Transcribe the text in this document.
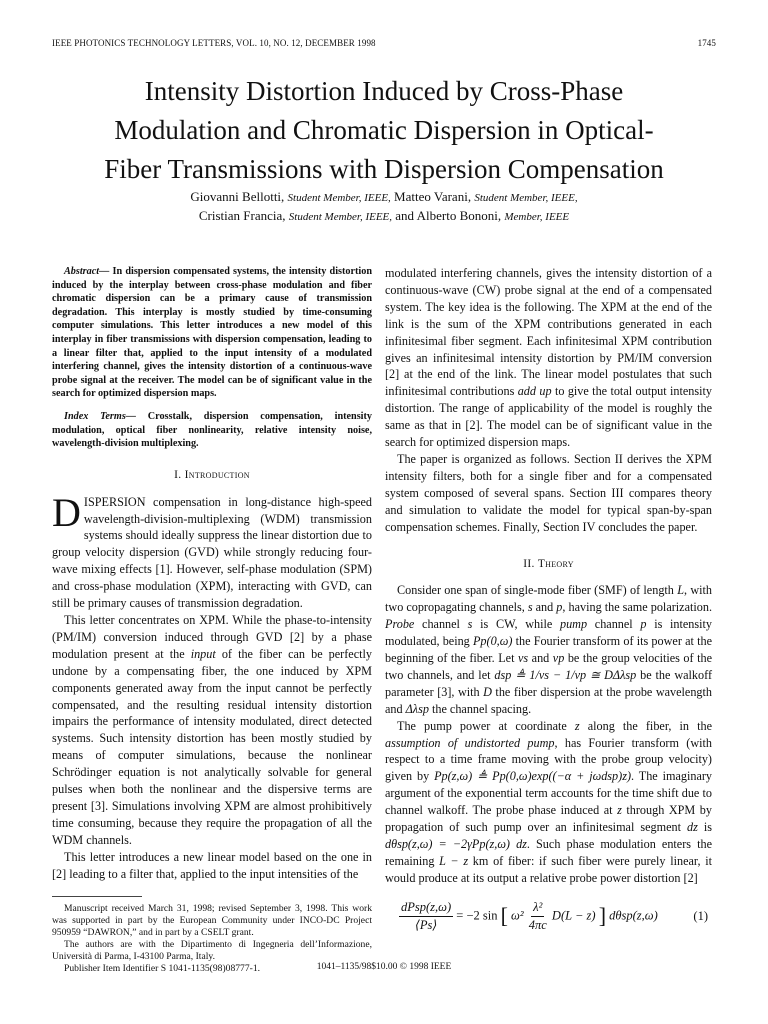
IEEE PHOTONICS TECHNOLOGY LETTERS, VOL. 10, NO. 12, DECEMBER 1998	1745
Intensity Distortion Induced by Cross-Phase
Modulation and Chromatic Dispersion in Optical-
Fiber Transmissions with Dispersion Compensation
Giovanni Bellotti, Student Member, IEEE, Matteo Varani, Student Member, IEEE,
Cristian Francia, Student Member, IEEE, and Alberto Bononi, Member, IEEE

Abstract— In dispersion compensated systems, the intensity distortion induced by the interplay between cross-phase modulation and fiber chromatic dispersion can be a primary cause of transmission degradation. This interplay is mostly studied by time-consuming computer simulations. This letter introduces a new model of this interplay in fiber transmissions with dispersion compensation, leading to a linear filter that, applied to the input intensity of a modulated interfering channel, gives the intensity distortion of a continuous-wave probe signal at the receiver. The model can be of significant value in the search for optimized dispersion maps.

Index Terms— Crosstalk, dispersion compensation, intensity modulation, optical fiber nonlinearity, relative intensity noise, wavelength-division multiplexing.

I. Introduction

DISPERSION compensation in long-distance high-speed wavelength-division-multiplexing (WDM) transmission systems should ideally suppress the linear distortion due to group velocity dispersion (GVD) while strongly reducing four-wave mixing effects [1]. However, self-phase modulation (SPM) and cross-phase modulation (XPM), interacting with GVD, can still be primary causes of transmission degradation.

This letter concentrates on XPM. While the phase-to-intensity (PM/IM) conversion induced through GVD [2] by a phase modulation present at the input of the fiber can be perfectly undone by a compensating fiber, the one induced by XPM components generated away from the input cannot be perfectly compensated, and the resulting residual intensity distortion impairs the performance of intensity modulated, direct detected systems. Such intensity distortion has been mostly studied by means of computer simulations, because the nonlinear Schrödinger equation is not analytically solvable for general pulses when both the nonlinear and the dispersive terms are present [3]. Simulations involving XPM are almost prohibitively time consuming, because they require the propagation of all the WDM channels.

This letter introduces a new linear model based on the one in [2] leading to a filter that, applied to the input intensities of the

Manuscript received March 31, 1998; revised September 3, 1998. This work was supported in part by the European Community under INCO-DC Project 950959 “DAWRON,” and in part by a CSELT grant.

The authors are with the Dipartimento di Ingegneria dell’Informazione, Università di Parma, I-43100 Parma, Italy.

Publisher Item Identifier S 1041-1135(98)08777-1.

modulated interfering channels, gives the intensity distortion of a continuous-wave (CW) probe signal at the end of a compensated system. The key idea is the following. The XPM at the end of the link is the sum of the XPM contributions generated in each infinitesimal fiber segment. Each infinitesimal XPM contribution gives an infinitesimal intensity distortion by PM/IM conversion [2] at the end of the link. The linear model postulates that such infinitesimal contributions add up to give the total output intensity distortion. The range of applicability of the model is roughly the same as that in [2]. The model can be of significant value in the search for optimized dispersion maps.

The paper is organized as follows. Section II derives the XPM intensity filters, both for a single fiber and for a compensated system composed of several spans. Section III compares theory and simulation to validate the model for typical span-by-span compensation schemes. Finally, Section IV concludes the paper.

II. Theory

Consider one span of single-mode fiber (SMF) of length L, with two copropagating channels, s and p, having the same polarization. Probe channel s is CW, while pump channel p is intensity modulated, being Pp(0,ω) the Fourier transform of its power at the beginning of the fiber. Let vs and vp be the group velocities of the two channels, and let dsp ≜ 1/vs − 1/vp ≅ DΔλsp be the walkoff parameter [3], with D the fiber dispersion at the probe wavelength and Δλsp the channel spacing.

The pump power at coordinate z along the fiber, in the assumption of undistorted pump, has Fourier transform (with respect to a time frame moving with the probe group velocity) given by Pp(z,ω) ≜ Pp(0,ω)exp((−α + jωdsp)z). The imaginary argument of the exponential term accounts for the time shift due to channel walkoff. The probe phase induced at z through XPM by propagation of such pump over an infinitesimal segment dz is dθsp(z,ω) = −2γPp(z,ω) dz. Such phase modulation enters the remaining L − z km of fiber: if such fiber were purely linear, it would produce at its output a relative probe power distortion [2]

$\frac{\text{dPsp(z,ω)}}{⟨Ps⟩} = -2$ sin [ $\omega^2 \frac{\text{λ²}}{4\pi c} D(L - z)$ ] dθsp(z,ω)	(1)
1041–1135/98$10.00 © 1998 IEEE
